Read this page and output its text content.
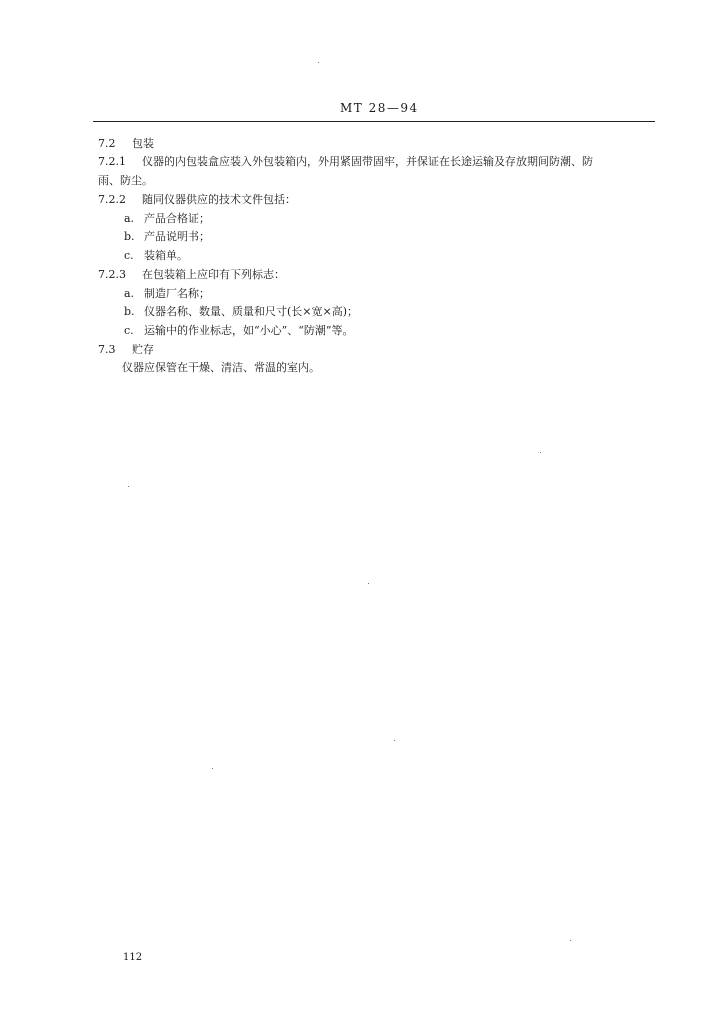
MT 28—94
7.2 包装
7.2.1 仪器的内包装盒应装入外包装箱内，外用紧固带固牢，并保证在长途运输及存放期间防潮、防
雨、防尘。
7.2.2 随同仪器供应的技术文件包括：
a. 产品合格证；
b. 产品说明书；
c. 装箱单。
7.2.3 在包装箱上应印有下列标志：
a. 制造厂名称；
b. 仪器名称、数量、质量和尺寸(长×宽×高)；
c. 运输中的作业标志，如“小心”、“防潮”等。
7.3 贮存
仪器应保管在干燥、清洁、常温的室内。
112
